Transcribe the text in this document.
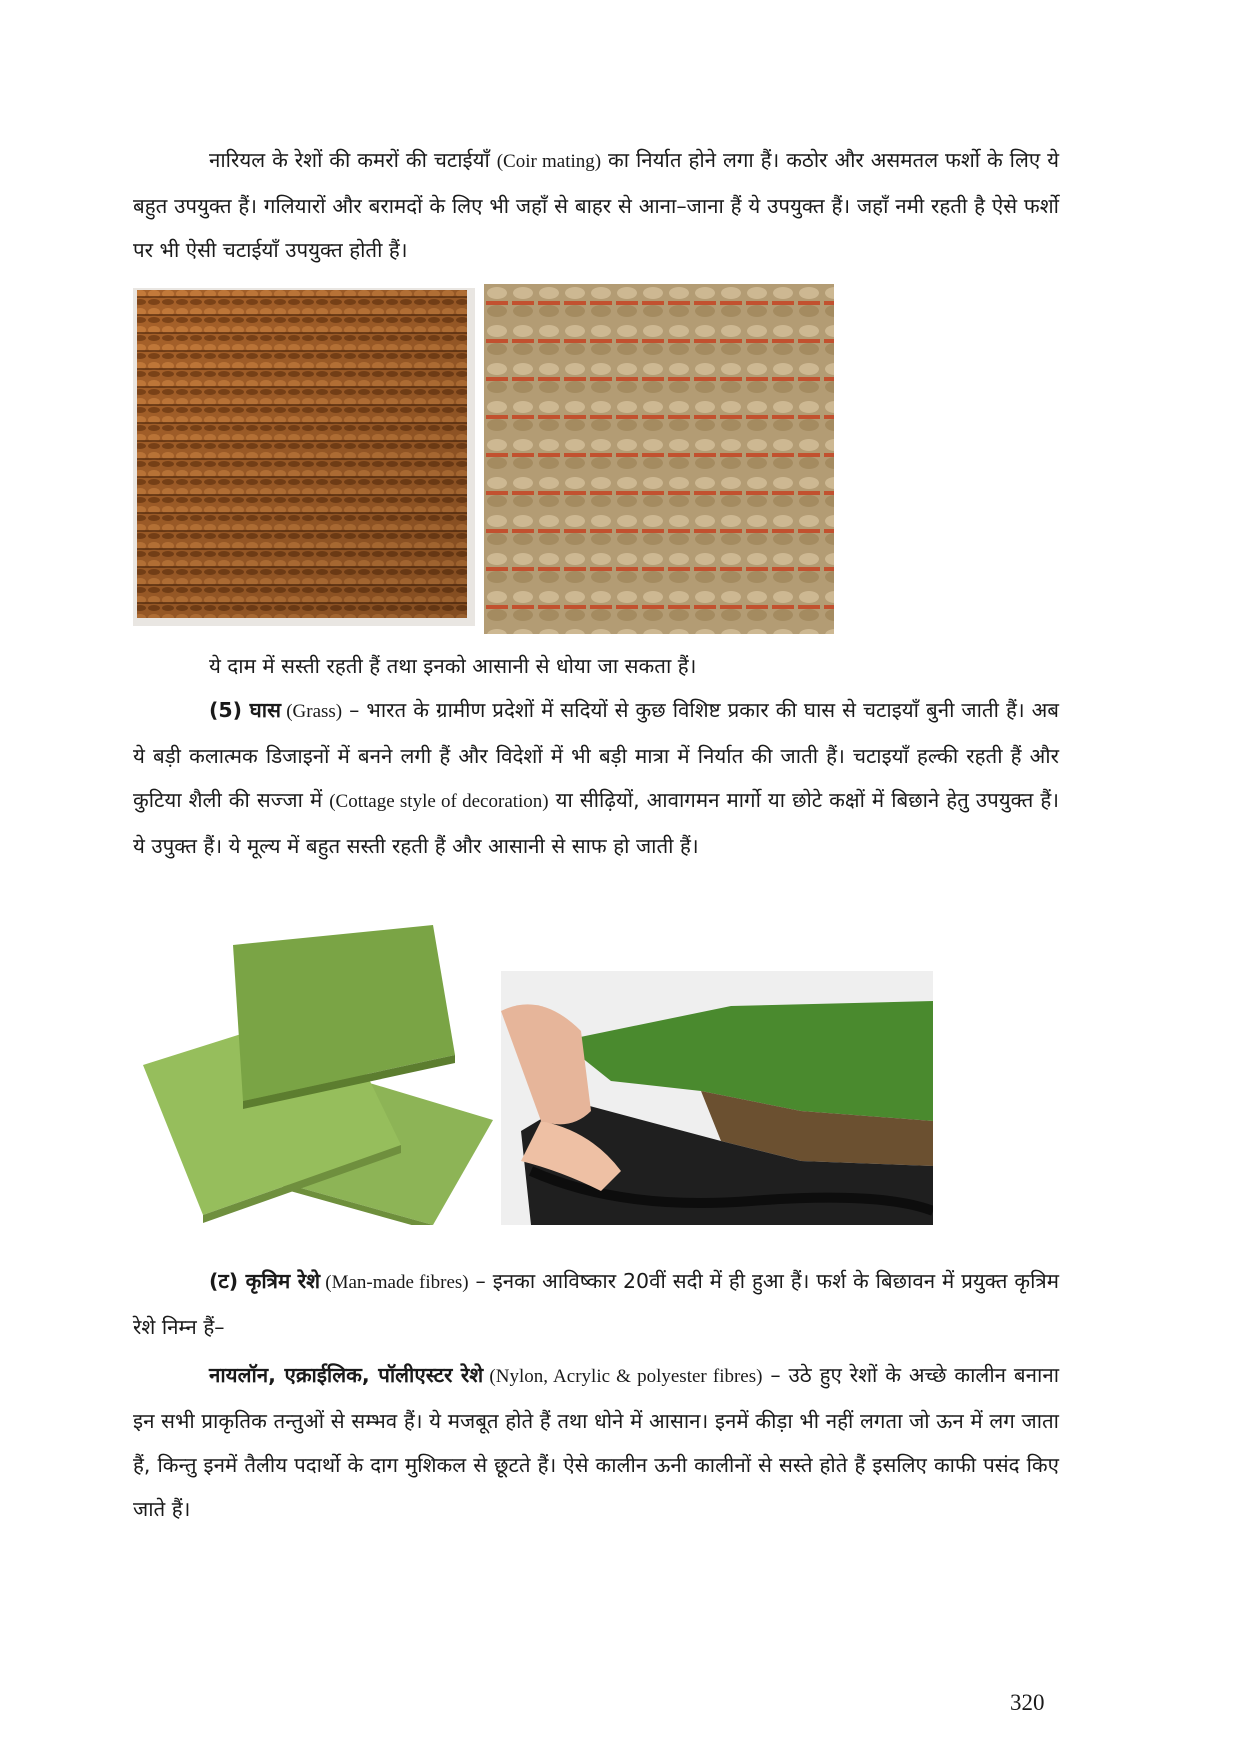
नारियल के रेशों की कमरों की चटाईयाँ (Coir mating) का निर्यात होने लगा हैं। कठोर और असमतल फर्शो के लिए ये बहुत उपयुक्त हैं। गलियारों और बरामदों के लिए भी जहाँ से बाहर से आना–जाना हैं ये उपयुक्त हैं। जहाँ नमी रहती है ऐसे फर्शो पर भी ऐसी चटाईयाँ उपयुक्त होती हैं।

ये दाम में सस्ती रहती हैं तथा इनको आसानी से धोया जा सकता हैं।

(5) घास (Grass) – भारत के ग्रामीण प्रदेशों में सदियों से कुछ विशिष्ट प्रकार की घास से चटाइयाँ बुनी जाती हैं। अब ये बड़ी कलात्मक डिजाइनों में बनने लगी हैं और विदेशों में भी बड़ी मात्रा में निर्यात की जाती हैं। चटाइयाँ हल्की रहती हैं और कुटिया शैली की सज्जा में (Cottage style of decoration) या सीढ़ियों, आवागमन मार्गो या छोटे कक्षों में बिछाने हेतु उपयुक्त हैं। ये उपुक्त हैं। ये मूल्य में बहुत सस्ती रहती हैं और आसानी से साफ हो जाती हैं।

(ट) कृत्रिम रेशे (Man-made fibres) – इनका आविष्कार 20वीं सदी में ही हुआ हैं। फर्श के बिछावन में प्रयुक्त कृत्रिम रेशे निम्न हैं–

नायलॉन, एक्राईलिक, पॉलीएस्टर रेशे (Nylon, Acrylic & polyester fibres) – उठे हुए रेशों के अच्छे कालीन बनाना इन सभी प्राकृतिक तन्तुओं से सम्भव हैं। ये मजबूत होते हैं तथा धोने में आसान। इनमें कीड़ा भी नहीं लगता जो ऊन में लग जाता हैं, किन्तु इनमें तैलीय पदार्थो के दाग मुशिकल से छूटते हैं। ऐसे कालीन ऊनी कालीनों से सस्ते होते हैं इसलिए काफी पसंद किए जाते हैं।

320
